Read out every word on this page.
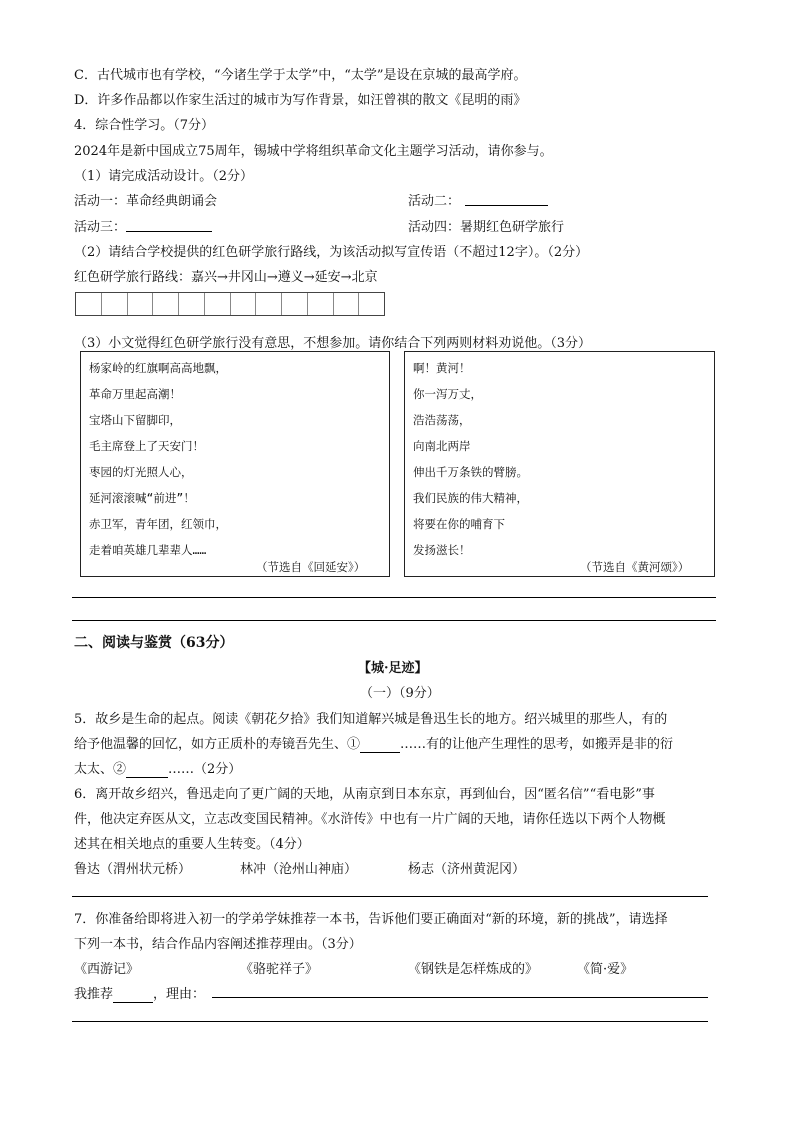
C．古代城市也有学校，“今诸生学于太学”中，“太学”是设在京城的最高学府。
D．许多作品都以作家生活过的城市为写作背景，如汪曾祺的散文《昆明的雨》
4．综合性学习。（7分）
2024年是新中国成立75周年，锡城中学将组织革命文化主题学习活动，请你参与。
（1）请完成活动设计。（2分）
活动一：革命经典朗诵会	活动二：
活动三：	活动四：暑期红色研学旅行
（2）请结合学校提供的红色研学旅行路线，为该活动拟写宣传语（不超过12字）。（2分）
红色研学旅行路线：嘉兴→井冈山→遵义→延安→北京
（3）小文觉得红色研学旅行没有意思，不想参加。请你结合下列两则材料劝说他。（3分）
杨家岭的红旗啊高高地飘，
革命万里起高潮！
宝塔山下留脚印，
毛主席登上了天安门！
枣园的灯光照人心，
延河滚滚喊“前进”！
赤卫军，青年团，红领巾，
走着咱英雄几辈辈人……
（节选自《回延安》）
啊！黄河！
你一泻万丈，
浩浩荡荡，
向南北两岸
伸出千万条铁的臂膀。
我们民族的伟大精神，
将要在你的哺育下
发扬滋长！
（节选自《黄河颂》）
二、阅读与鉴赏（63分）
【城·足迹】
（一）（9分）
5．故乡是生命的起点。阅读《朝花夕拾》我们知道解兴城是鲁迅生长的地方。绍兴城里的那些人，有的
给予他温馨的回忆，如方正质朴的寿镜吾先生、①	……有的让他产生理性的思考，如搬弄是非的衍
太太、②	……（2分）
6．离开故乡绍兴，鲁迅走向了更广阔的天地，从南京到日本东京，再到仙台，因“匿名信”“看电影”事
件，他决定弃医从文，立志改变国民精神。《水浒传》中也有一片广阔的天地，请你任选以下两个人物概
述其在相关地点的重要人生转变。（4分）
鲁达（渭州状元桥）	林冲（沧州山神庙）	杨志（济州黄泥冈）
7．你准备给即将进入初一的学弟学妹推荐一本书，告诉他们要正确面对“新的环境，新的挑战”，请选择
下列一本书，结合作品内容阐述推荐理由。（3分）
《西游记》	《骆驼祥子》	《钢铁是怎样炼成的》	《简·爱》
我推荐	，理由：
